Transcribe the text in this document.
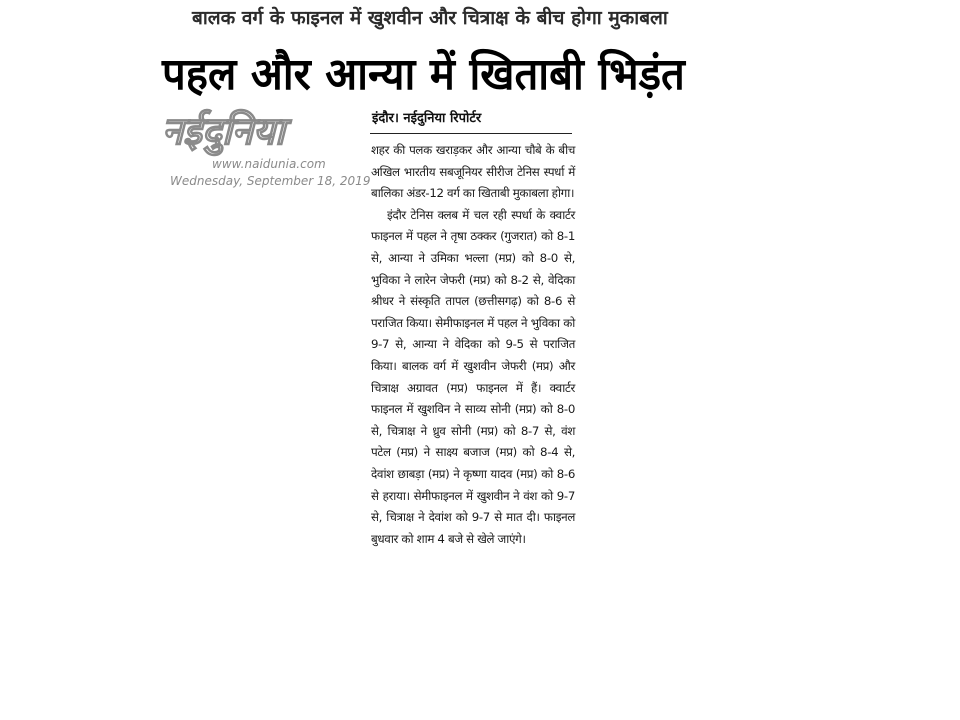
बालक वर्ग के फाइनल में खुशवीन और चित्राक्ष के बीच होगा मुकाबला
पहल और आन्या में खिताबी भिड़ंत
नईदुनिया
www.naidunia.com
Wednesday, September 18, 2019
इंदौर। नईदुनिया रिपोर्टर

शहर की पलक खराड़कर और आन्या चौबे के बीच अखिल भारतीय सबजूनियर सीरीज टेनिस स्पर्धा में बालिका अंडर-12 वर्ग का खिताबी मुकाबला होगा।

इंदौर टेनिस क्लब में चल रही स्पर्धा के क्वार्टर फाइनल में पहल ने तृषा ठक्कर (गुजरात) को 8-1 से, आन्या ने उमिका भल्ला (मप्र) को 8-0 से, भुविका ने लारेन जेफरी (मप्र) को 8-2 से, वेदिका श्रीधर ने संस्कृति तापल (छत्तीसगढ़) को 8-6 से पराजित किया। सेमीफाइनल में पहल ने भुविका को 9-7 से, आन्या ने वेदिका को 9-5 से पराजित किया। बालक वर्ग में खुशवीन जेफरी (मप्र) और चित्राक्ष अग्रावत (मप्र) फाइनल में हैं। क्वार्टर फाइनल में खुशविन ने साव्य सोनी (मप्र) को 8-0 से, चित्राक्ष ने ध्रुव सोनी (मप्र) को 8-7 से, वंश पटेल (मप्र) ने साक्ष्य बजाज (मप्र) को 8-4 से, देवांश छाबड़ा (मप्र) ने कृष्णा यादव (मप्र) को 8-6 से हराया। सेमीफाइनल में खुशवीन ने वंश को 9-7 से, चित्राक्ष ने देवांश को 9-7 से मात दी। फाइनल बुधवार को शाम 4 बजे से खेले जाएंगे।
